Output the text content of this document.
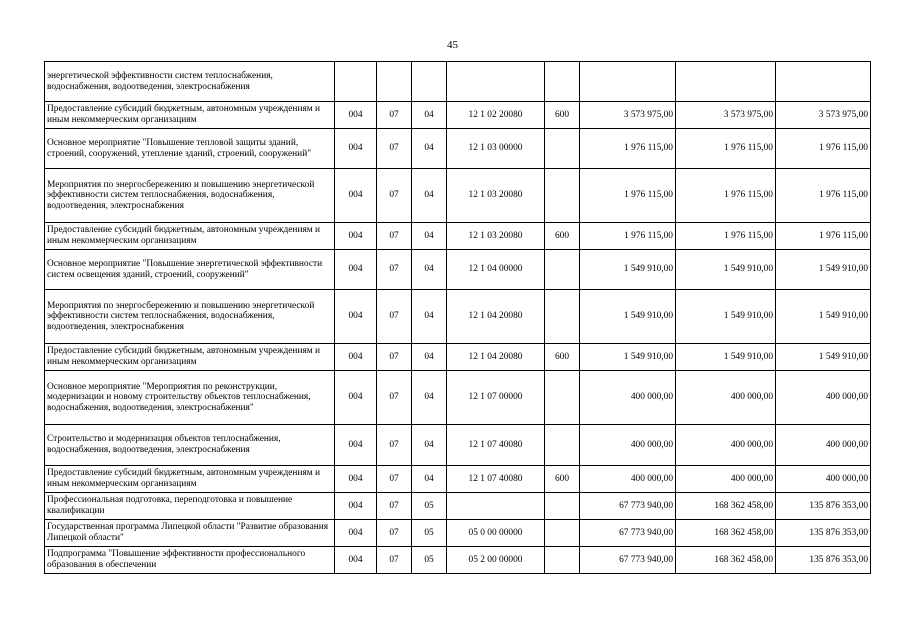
45
энергетической эффективности систем теплоснабжения, водоснабжения, водоотведения, электроснабжения								
Предоставление субсидий бюджетным, автономным учреждениям и иным некоммерческим организациям	004	07	04	12 1 02 20080	600	3 573 975,00	3 573 975,00	3 573 975,00
Основное мероприятие "Повышение тепловой защиты зданий, строений, сооружений, утепление зданий, строений, сооружений"	004	07	04	12 1 03 00000		1 976 115,00	1 976 115,00	1 976 115,00
Мероприятия по энергосбережению и повышению энергетической эффективности систем теплоснабжения, водоснабжения, водоотведения, электроснабжения	004	07	04	12 1 03 20080		1 976 115,00	1 976 115,00	1 976 115,00
Предоставление субсидий бюджетным, автономным учреждениям и иным некоммерческим организациям	004	07	04	12 1 03 20080	600	1 976 115,00	1 976 115,00	1 976 115,00
Основное мероприятие "Повышение энергетической эффективности систем освещения зданий, строений, сооружений"	004	07	04	12 1 04 00000		1 549 910,00	1 549 910,00	1 549 910,00
Мероприятия по энергосбережению и повышению энергетической эффективности систем теплоснабжения, водоснабжения, водоотведения, электроснабжения	004	07	04	12 1 04 20080		1 549 910,00	1 549 910,00	1 549 910,00
Предоставление субсидий бюджетным, автономным учреждениям и иным некоммерческим организациям	004	07	04	12 1 04 20080	600	1 549 910,00	1 549 910,00	1 549 910,00
Основное мероприятие "Мероприятия по реконструкции, модернизации и новому строительству объектов теплоснабжения, водоснабжения, водоотведения, электроснабжения"	004	07	04	12 1 07 00000		400 000,00	400 000,00	400 000,00
Строительство и модернизация объектов теплоснабжения, водоснабжения, водоотведения, электроснабжения	004	07	04	12 1 07 40080		400 000,00	400 000,00	400 000,00
Предоставление субсидий бюджетным, автономным учреждениям и иным некоммерческим организациям	004	07	04	12 1 07 40080	600	400 000,00	400 000,00	400 000,00
Профессиональная подготовка, переподготовка и повышение квалификации	004	07	05			67 773 940,00	168 362 458,00	135 876 353,00
Государственная программа Липецкой области "Развитие образования Липецкой области"	004	07	05	05 0 00 00000		67 773 940,00	168 362 458,00	135 876 353,00
Подпрограмма "Повышение эффективности профессионального образования в обеспечении	004	07	05	05 2 00 00000		67 773 940,00	168 362 458,00	135 876 353,00
